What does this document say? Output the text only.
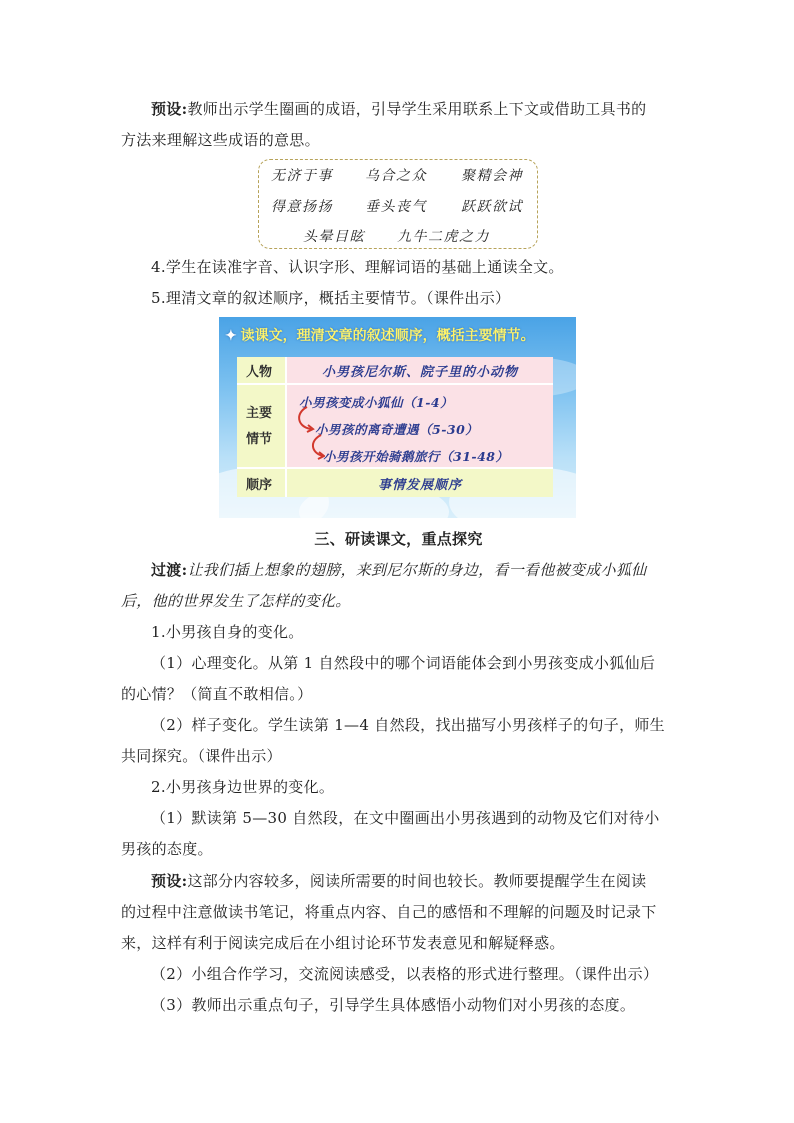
预设:教师出示学生圈画的成语，引导学生采用联系上下文或借助工具书的
方法来理解这些成语的意思。
无济于事 乌合之众 聚精会神
得意扬扬 垂头丧气 跃跃欲试
头晕目眩 九牛二虎之力
4.学生在读准字音、认识字形、理解词语的基础上通读全文。
5.理清文章的叙述顺序，概括主要情节。（课件出示）
✦ 读课文，理清文章的叙述顺序，概括主要情节。
人物	小男孩尼尔斯、院子里的小动物
主要
情节
小男孩变成小狐仙（1-4）
小男孩的离奇遭遇（5-30）
小男孩开始骑鹅旅行（31-48）
顺序	事情发展顺序
三、研读课文，重点探究
过渡:让我们插上想象的翅膀，来到尼尔斯的身边，看一看他被变成小狐仙
后，他的世界发生了怎样的变化。
1.小男孩自身的变化。
（1）心理变化。从第 1 自然段中的哪个词语能体会到小男孩变成小狐仙后
的心情？（简直不敢相信。）
（2）样子变化。学生读第 1—4 自然段，找出描写小男孩样子的句子，师生
共同探究。（课件出示）
2.小男孩身边世界的变化。
（1）默读第 5—30 自然段，在文中圈画出小男孩遇到的动物及它们对待小
男孩的态度。
预设:这部分内容较多，阅读所需要的时间也较长。教师要提醒学生在阅读
的过程中注意做读书笔记，将重点内容、自己的感悟和不理解的问题及时记录下
来，这样有利于阅读完成后在小组讨论环节发表意见和解疑释惑。
（2）小组合作学习，交流阅读感受，以表格的形式进行整理。（课件出示）
（3）教师出示重点句子，引导学生具体感悟小动物们对小男孩的态度。
